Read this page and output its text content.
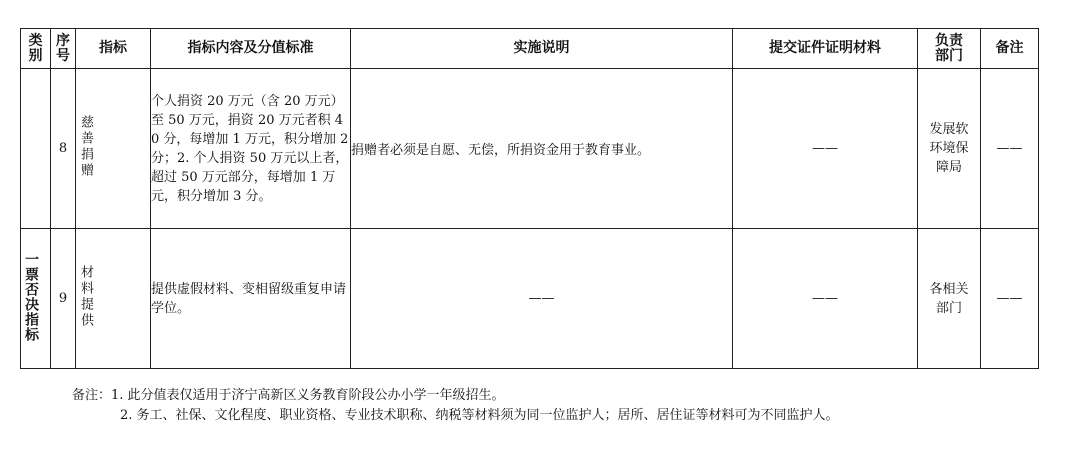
类别	序号	指标	指标内容及分值标准	实施说明	提交证件证明材料	负责部门	备注
	8	慈善捐赠	个人捐资 20 万元（含 20 万元）至 50 万元，捐资 20 万元者积 40 分，每增加 1 万元，积分增加 2 分；2. 个人捐资 50 万元以上者，超过 50 万元部分，每增加 1 万元，积分增加 3 分。	捐赠者必须是自愿、无偿，所捐资金用于教育事业。	——	发展软环境保障局	——
一票否决指标	9	材料提供	提供虚假材料、变相留级重复申请学位。	——	——	各相关部门	——
备注：1. 此分值表仅适用于济宁高新区义务教育阶段公办小学一年级招生。
2. 务工、社保、文化程度、职业资格、专业技术职称、纳税等材料须为同一位监护人；居所、居住证等材料可为不同监护人。
